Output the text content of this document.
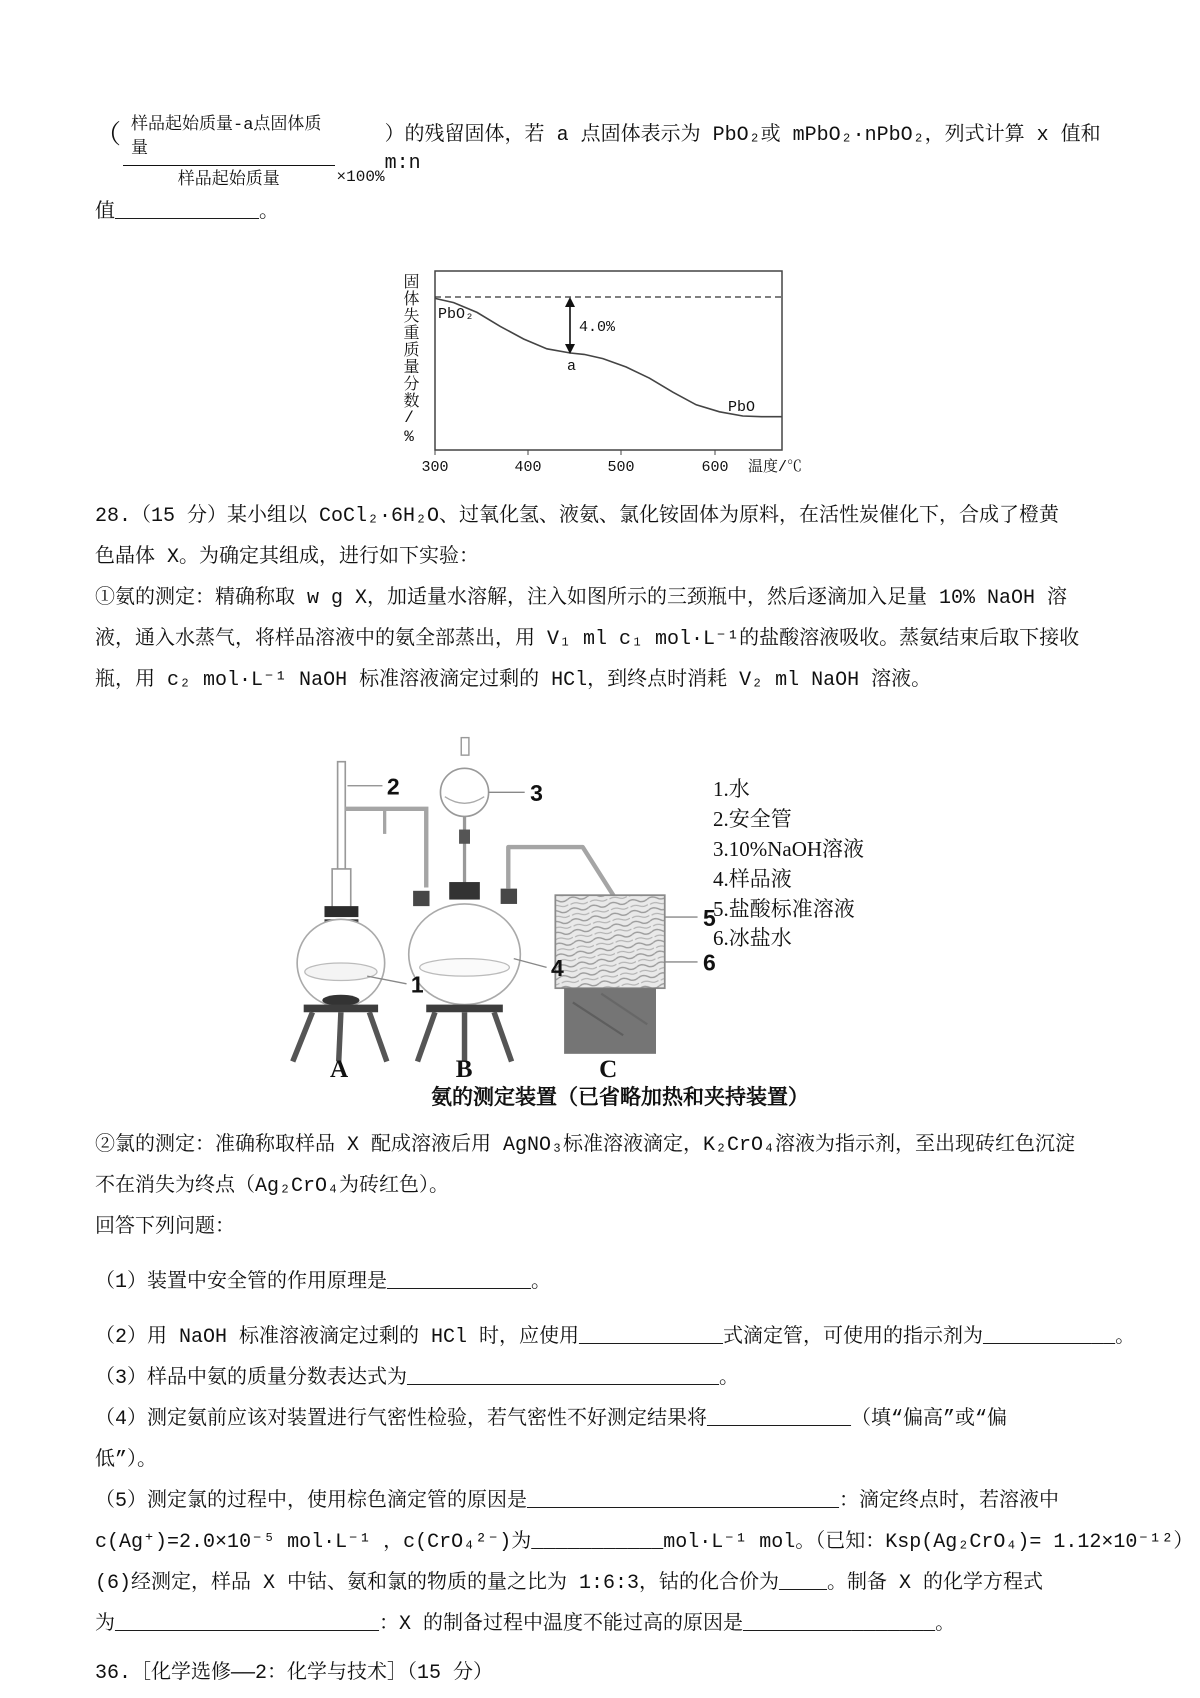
（ $\frac{\text{样品起始质量-a点固体质量}}{\text{样品起始质量}} \times 100\%$
）的残留固体，若 a 点固体表示为 PbO₂或 mPbO₂·nPbO₂，列式计算 x 值和 m:n
值____________。
固体失重质量分数/%	4.0%
PbO₂
PbO
a
300	400	500	600 温度/℃
28.（15 分）某小组以 CoCl₂·6H₂O、过氧化氢、液氨、氯化铵固体为原料，在活性炭催化下，合成了橙黄
色晶体 X。为确定其组成，进行如下实验：
①氨的测定：精确称取 w g X，加适量水溶解，注入如图所示的三颈瓶中，然后逐滴加入足量 10% NaOH 溶
液，通入水蒸气，将样品溶液中的氨全部蒸出，用 V₁ ml c₁ mol·L⁻¹的盐酸溶液吸收。蒸氨结束后取下接收
瓶，用 c₂ mol·L⁻¹ NaOH 标准溶液滴定过剩的 HCl，到终点时消耗 V₂ ml NaOH 溶液。
1
2	3
4
5
6
A	B	C
1.水
2.安全管
3.10%NaOH溶液
4.样品液
5.盐酸标准溶液
6.冰盐水
氨的测定装置（已省略加热和夹持装置）
②氯的测定：准确称取样品 X 配成溶液后用 AgNO₃标准溶液滴定，K₂CrO₄溶液为指示剂，至出现砖红色沉淀
不在消失为终点（Ag₂CrO₄为砖红色）。
回答下列问题：
（1）装置中安全管的作用原理是____________。
（2）用 NaOH 标准溶液滴定过剩的 HCl 时，应使用____________式滴定管，可使用的指示剂为___________。
（3）样品中氨的质量分数表达式为__________________________。
（4）测定氨前应该对装置进行气密性检验，若气密性不好测定结果将____________（填“偏高”或“偏
低”）。
（5）测定氯的过程中，使用棕色滴定管的原因是__________________________：滴定终点时，若溶液中
c(Ag⁺)=2.0×10⁻⁵ mol·L⁻¹ ，c(CrO₄²⁻)为___________mol·L⁻¹ mol。（已知：Ksp(Ag₂CrO₄)= 1.12×10⁻¹²）
(6)经测定，样品 X 中钴、氨和氯的物质的量之比为 1:6:3，钴的化合价为____。制备 X 的化学方程式
为______________________：X 的制备过程中温度不能过高的原因是________________。
36.［化学选修——2：化学与技术］（15 分）
